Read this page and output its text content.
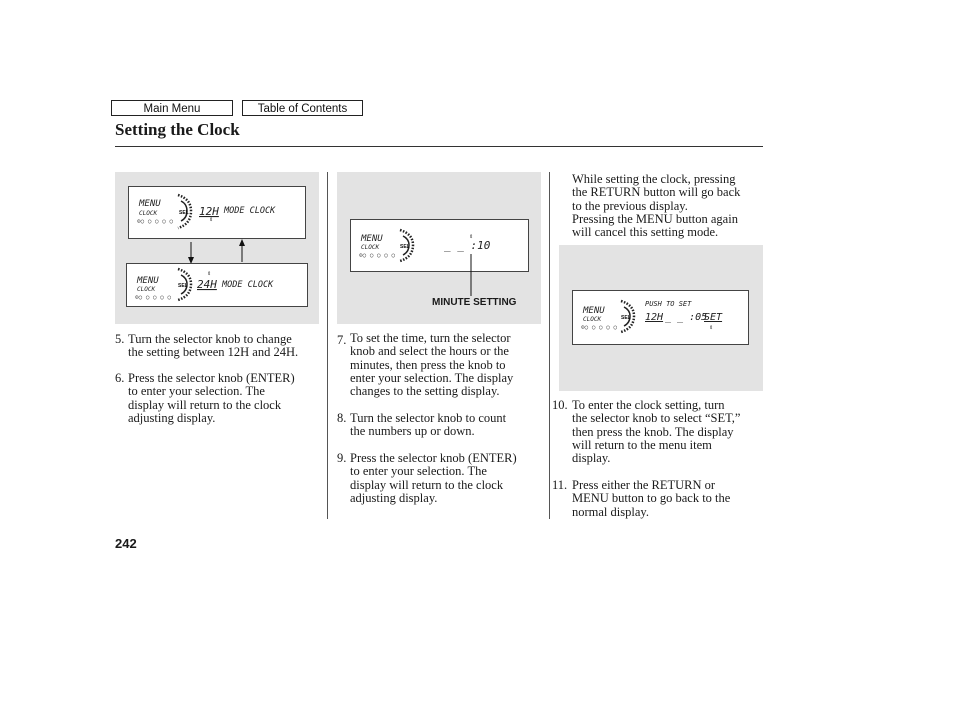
Main Menu	Table of Contents
Setting the Clock
MENU
CLOCK
⊙○ ○ ○ ○ ○
SEL 12H
⇕
MODE CLOCK
MENU
CLOCK
⊙○ ○ ○ ○ ○
SEL
⇕
24H MODE CLOCK
MENU
CLOCK
⊙○ ○ ○ ○ ○
SEL	_ _ :10
⇕
MINUTE SETTING
MENU
CLOCK
⊙○ ○ ○ ○ ○
SEL
PUSH TO SET
12H _ _ :05
SET
⇕
5. Turn the selector knob to change
the setting between 12H and 24H.
6. Press the selector knob (ENTER)
to enter your selection. The
display will return to the clock
adjusting display.
7. To set the time, turn the selector
knob and select the hours or the
minutes, then press the knob to
enter your selection. The display
changes to the setting display.
8. Turn the selector knob to count
the numbers up or down.
9. Press the selector knob (ENTER)
to enter your selection. The
display will return to the clock
adjusting display.
While setting the clock, pressing
the RETURN button will go back
to the previous display.
Pressing the MENU button again
will cancel this setting mode.
10. To enter the clock setting, turn
the selector knob to select “SET,”
then press the knob. The display
will return to the menu item
display.
11. Press either the RETURN or
MENU button to go back to the
normal display.
242
